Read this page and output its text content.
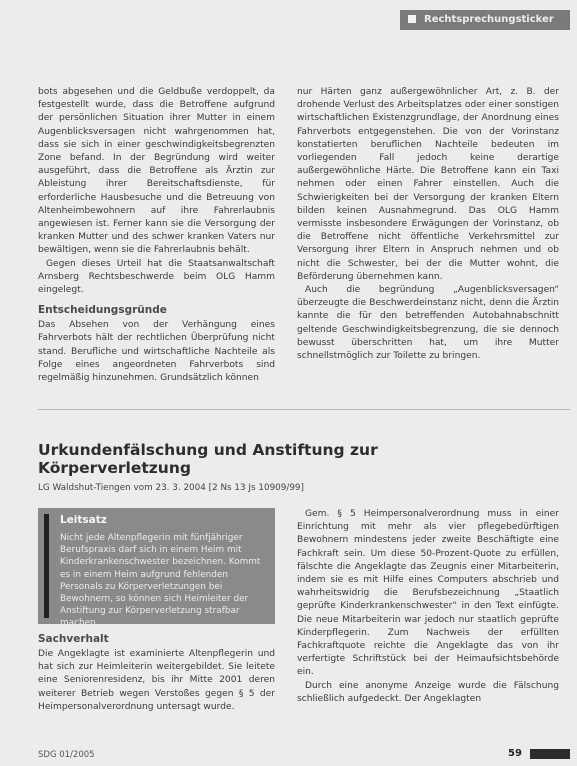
Rechtsprechungsticker

bots abgesehen und die Geldbuße verdoppelt, da festgestellt wurde, dass die Betroffene aufgrund der persönlichen Situation ihrer Mutter in einem Augenblicksversagen nicht wahrgenommen hat, dass sie sich in einer geschwindigkeitsbegrenzten Zone befand. In der Begründung wird weiter ausgeführt, dass die Betroffene als Ärztin zur Ableistung ihrer Bereitschaftsdienste, für erforderliche Hausbesuche und die Betreuung von Altenheimbewohnern auf ihre Fahrerlaubnis angewiesen ist. Ferner kann sie die Versorgung der kranken Mutter und des schwer kranken Vaters nur bewältigen, wenn sie die Fahrerlaubnis behält.

Gegen dieses Urteil hat die Staatsanwaltschaft Arnsberg Rechtsbeschwerde beim OLG Hamm eingelegt.

Entscheidungsgründe

Das Absehen von der Verhängung eines Fahrverbots hält der rechtlichen Überprüfung nicht stand. Berufliche und wirtschaftliche Nachteile als Folge eines angeordneten Fahrverbots sind regelmäßig hinzunehmen. Grundsätzlich können

nur Härten ganz außergewöhnlicher Art, z. B. der drohende Verlust des Arbeitsplatzes oder einer sonstigen wirtschaftlichen Existenzgrundlage, der Anordnung eines Fahrverbots entgegenstehen. Die von der Vorinstanz konstatierten beruflichen Nachteile bedeuten im vorliegenden Fall jedoch keine derartige außergewöhnliche Härte. Die Betroffene kann ein Taxi nehmen oder einen Fahrer einstellen. Auch die Schwierigkeiten bei der Versorgung der kranken Eltern bilden keinen Ausnahmegrund. Das OLG Hamm vermisste insbesondere Erwägungen der Vorinstanz, ob die Betroffene nicht öffentliche Verkehrsmittel zur Versorgung ihrer Eltern in Anspruch nehmen und ob nicht die Schwester, bei der die Mutter wohnt, die Beförderung übernehmen kann.

Auch die begründung „Augenblicksversagen“ überzeugte die Beschwerdeinstanz nicht, denn die Ärztin kannte die für den betreffenden Autobahnabschnitt geltende Geschwindigkeitsbegrenzung, die sie dennoch bewusst überschritten hat, um ihre Mutter schnellstmöglich zur Toilette zu bringen.

Urkundenfälschung und Anstiftung zur Körperverletzung
LG Waldshut-Tiengen vom 23. 3. 2004 [2 Ns 13 Js 10909/99]
Leitsatz
Nicht jede Altenpflegerin mit fünfjähriger Berufspraxis darf sich in einem Heim mit Kinderkrankenschwester bezeichnen. Kommt es in einem Heim aufgrund fehlenden Personals zu Körperverletzungen bei Bewohnern, so können sich Heimleiter der Anstiftung zur Körperverletzung strafbar machen.
Sachverhalt

Die Angeklagte ist examinierte Altenpflegerin und hat sich zur Heimleiterin weitergebildet. Sie leitete eine Seniorenresidenz, bis ihr Mitte 2001 deren weiterer Betrieb wegen Verstoßes gegen § 5 der Heimpersonalverordnung untersagt wurde.

Gem. § 5 Heimpersonalverordnung muss in einer Einrichtung mit mehr als vier pflegebedürftigen Bewohnern mindestens jeder zweite Beschäftigte eine Fachkraft sein. Um diese 50-Prozent-Quote zu erfüllen, fälschte die Angeklagte das Zeugnis einer Mitarbeiterin, indem sie es mit Hilfe eines Computers abschrieb und wahrheitswidrig die Berufsbezeichnung „Staatlich geprüfte Kinderkrankenschwester“ in den Text einfügte. Die neue Mitarbeiterin war jedoch nur staatlich geprüfte Kinderpflegerin. Zum Nachweis der erfüllten Fachkraftquote reichte die Angeklagte das von ihr verfertigte Schriftstück bei der Heimaufsichtsbehörde ein.

Durch eine anonyme Anzeige wurde die Fälschung schließlich aufgedeckt. Der Angeklagten

SDG 01/2005	59
